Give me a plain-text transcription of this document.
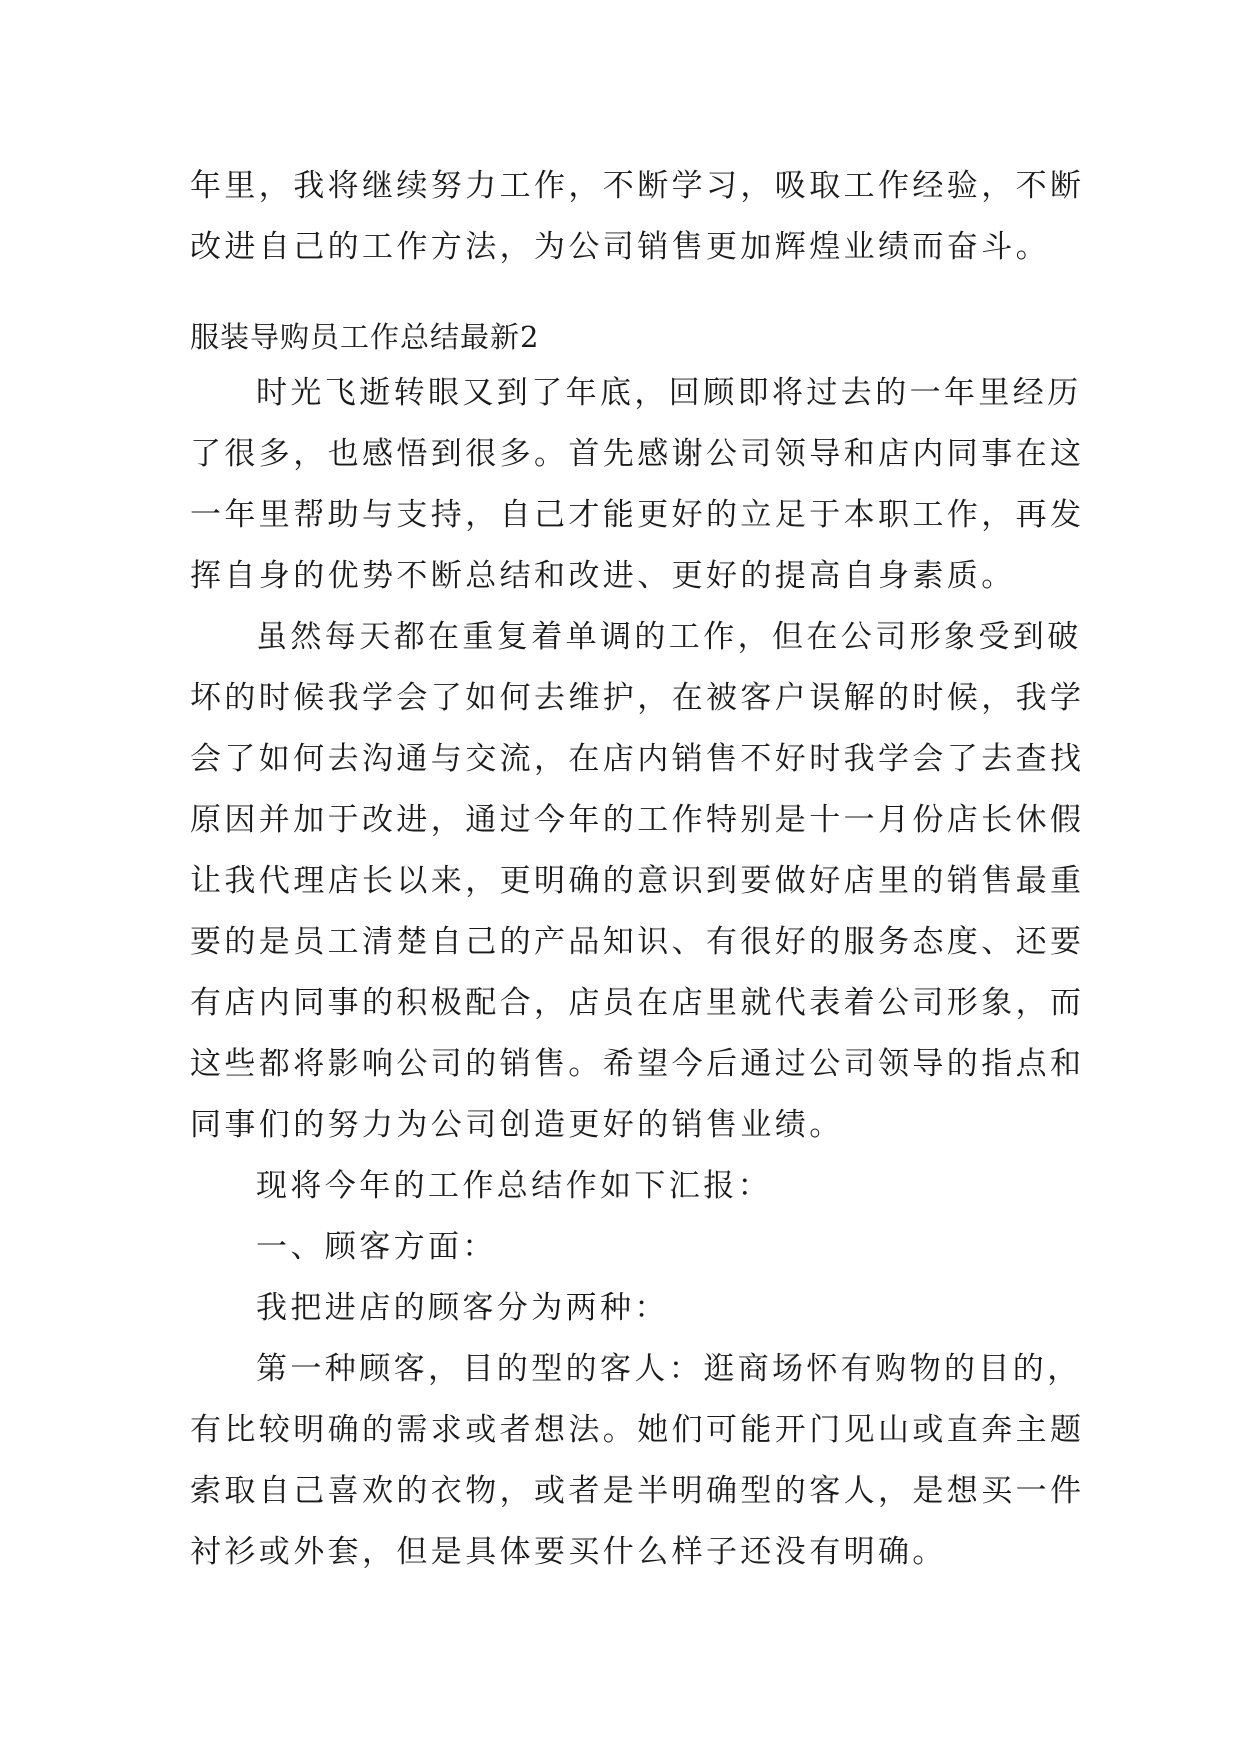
年里，我将继续努力工作，不断学习，吸取工作经验，不断
改进自己的工作方法，为公司销售更加辉煌业绩而奋斗。
服装导购员工作总结最新2
时光飞逝转眼又到了年底，回顾即将过去的一年里经历
了很多，也感悟到很多。首先感谢公司领导和店内同事在这
一年里帮助与支持，自己才能更好的立足于本职工作，再发
挥自身的优势不断总结和改进、更好的提高自身素质。
虽然每天都在重复着单调的工作，但在公司形象受到破
坏的时候我学会了如何去维护，在被客户误解的时候，我学
会了如何去沟通与交流，在店内销售不好时我学会了去查找
原因并加于改进，通过今年的工作特别是十一月份店长休假
让我代理店长以来，更明确的意识到要做好店里的销售最重
要的是员工清楚自己的产品知识、有很好的服务态度、还要
有店内同事的积极配合，店员在店里就代表着公司形象，而
这些都将影响公司的销售。希望今后通过公司领导的指点和
同事们的努力为公司创造更好的销售业绩。
现将今年的工作总结作如下汇报：
一、顾客方面：
我把进店的顾客分为两种：
第一种顾客，目的型的客人：逛商场怀有购物的目的，
有比较明确的需求或者想法。她们可能开门见山或直奔主题
索取自己喜欢的衣物，或者是半明确型的客人，是想买一件
衬衫或外套，但是具体要买什么样子还没有明确。
